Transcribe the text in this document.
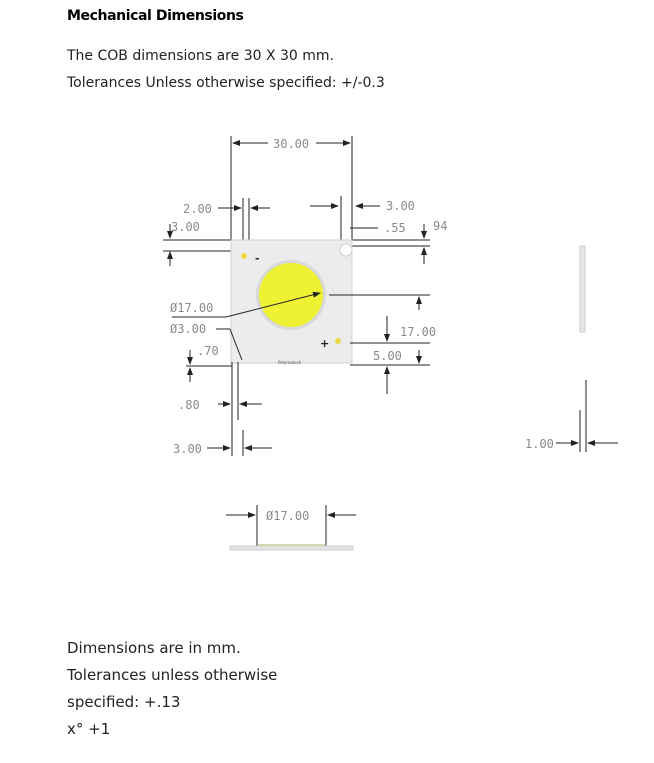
Mechanical Dimensions
The COB dimensions are 30 X 30 mm.
Tolerances Unless otherwise specified: +/-0.3
30.00
2.00
3.00
3.00
.55 94
-
+
Polymatech
Ø17.00
17.00
Ø3.00
.70	5.00
.80
3.00	1.00
Ø17.00
Dimensions are in mm.
Tolerances unless otherwise
specified: +.13
x° +1
